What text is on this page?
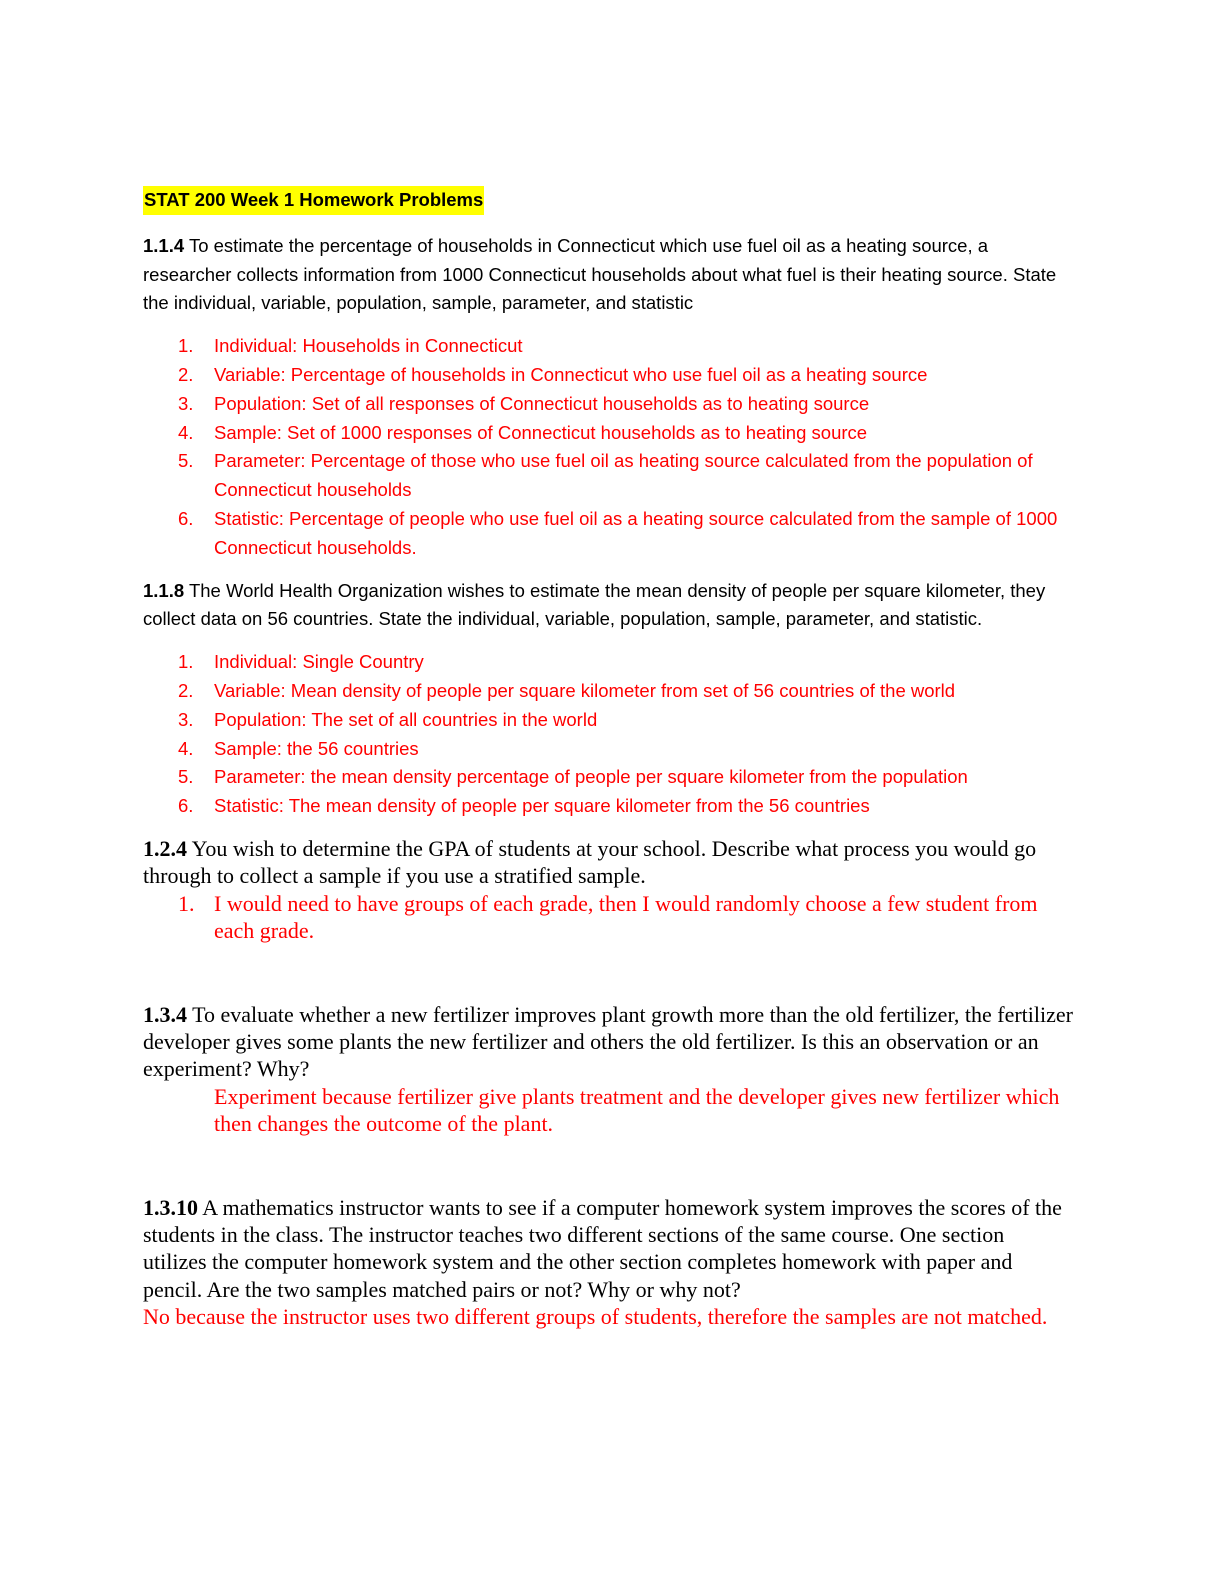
STAT 200 Week 1 Homework Problems

1.1.4 To estimate the percentage of households in Connecticut which use fuel oil as a heating source, a researcher collects information from 1000 Connecticut households about what fuel is their heating source. State the individual, variable, population, sample, parameter, and statistic

1.	Individual: Households in Connecticut
2.	Variable: Percentage of households in Connecticut who use fuel oil as a heating source
3.	Population: Set of all responses of Connecticut households as to heating source
4.	Sample: Set of 1000 responses of Connecticut households as to heating source
5.	Parameter: Percentage of those who use fuel oil as heating source calculated from the population of Connecticut households
6.	Statistic: Percentage of people who use fuel oil as a heating source calculated from the sample of 1000 Connecticut households.

1.1.8 The World Health Organization wishes to estimate the mean density of people per square kilometer, they collect data on 56 countries. State the individual, variable, population, sample, parameter, and statistic.

1.	Individual: Single Country
2.	Variable: Mean density of people per square kilometer from set of 56 countries of the world
3.	Population: The set of all countries in the world
4.	Sample: the 56 countries
5.	Parameter: the mean density percentage of people per square kilometer from the population
6.	Statistic: The mean density of people per square kilometer from the 56 countries

1.2.4 You wish to determine the GPA of students at your school. Describe what process you would go through to collect a sample if you use a stratified sample.

1. I would need to have groups of each grade, then I would randomly choose a few student from each grade.

1.3.4 To evaluate whether a new fertilizer improves plant growth more than the old fertilizer, the fertilizer developer gives some plants the new fertilizer and others the old fertilizer. Is this an observation or an experiment? Why?

Experiment because fertilizer give plants treatment and the developer gives new fertilizer which then changes the outcome of the plant.

1.3.10 A mathematics instructor wants to see if a computer homework system improves the scores of the students in the class. The instructor teaches two different sections of the same course. One section utilizes the computer homework system and the other section completes homework with paper and pencil. Are the two samples matched pairs or not? Why or why not?

No because the instructor uses two different groups of students, therefore the samples are not matched.
